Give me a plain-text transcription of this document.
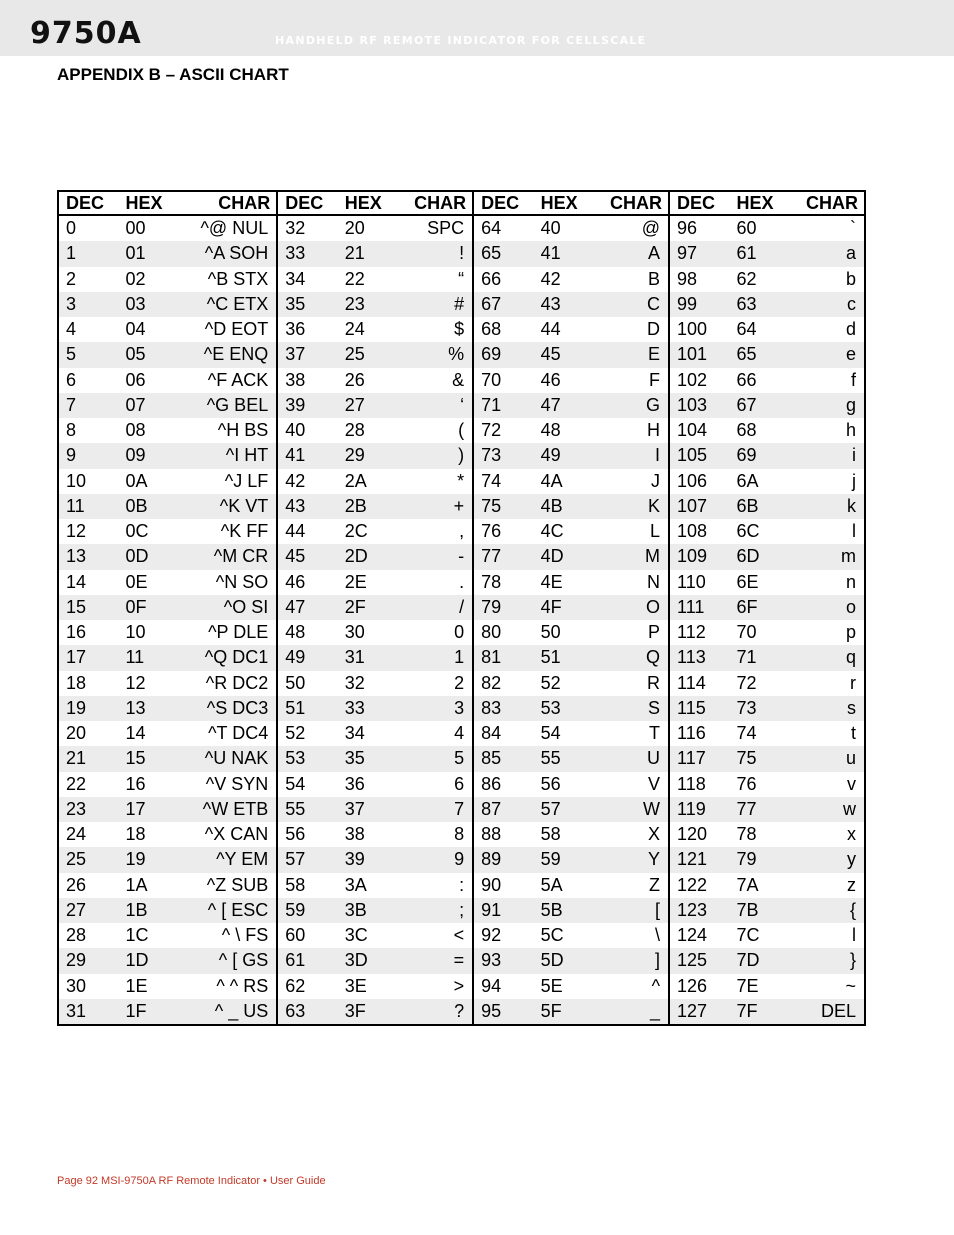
9750A	HANDHELD RF REMOTE INDICATOR FOR CELLSCALE
APPENDIX B – ASCII CHART
DEC	HEX	CHAR	DEC	HEX	CHAR	DEC	HEX	CHAR	DEC	HEX	CHAR
0	00	^@ NUL	32	20	SPC	64	40	@	96	60	`
1	01	^A SOH	33	21	!	65	41	A	97	61	a
2	02	^B STX	34	22	“	66	42	B	98	62	b
3	03	^C ETX	35	23	#	67	43	C	99	63	c
4	04	^D EOT	36	24	$	68	44	D	100	64	d
5	05	^E ENQ	37	25	%	69	45	E	101	65	e
6	06	^F ACK	38	26	&	70	46	F	102	66	f
7	07	^G BEL	39	27	‘	71	47	G	103	67	g
8	08	^H BS	40	28	(	72	48	H	104	68	h
9	09	^I HT	41	29	)	73	49	I	105	69	i
10	0A	^J LF	42	2A	*	74	4A	J	106	6A	j
11	0B	^K VT	43	2B	+	75	4B	K	107	6B	k
12	0C	^K FF	44	2C	,	76	4C	L	108	6C	l
13	0D	^M CR	45	2D	-	77	4D	M	109	6D	m
14	0E	^N SO	46	2E	.	78	4E	N	110	6E	n
15	0F	^O SI	47	2F	/	79	4F	O	111	6F	o
16	10	^P DLE	48	30	0	80	50	P	112	70	p
17	11	^Q DC1	49	31	1	81	51	Q	113	71	q
18	12	^R DC2	50	32	2	82	52	R	114	72	r
19	13	^S DC3	51	33	3	83	53	S	115	73	s
20	14	^T DC4	52	34	4	84	54	T	116	74	t
21	15	^U NAK	53	35	5	85	55	U	117	75	u
22	16	^V SYN	54	36	6	86	56	V	118	76	v
23	17	^W ETB	55	37	7	87	57	W	119	77	w
24	18	^X CAN	56	38	8	88	58	X	120	78	x
25	19	^Y EM	57	39	9	89	59	Y	121	79	y
26	1A	^Z SUB	58	3A	:	90	5A	Z	122	7A	z
27	1B	^ [ ESC	59	3B	;	91	5B	[	123	7B	{
28	1C	^ \ FS	60	3C	<	92	5C	\	124	7C	l
29	1D	^ [ GS	61	3D	=	93	5D	]	125	7D	}
30	1E	^ ^ RS	62	3E	>	94	5E	^	126	7E	~
31	1F	^ _ US	63	3F	?	95	5F	_	127	7F	DEL
Page 92 MSI-9750A RF Remote Indicator • User Guide
